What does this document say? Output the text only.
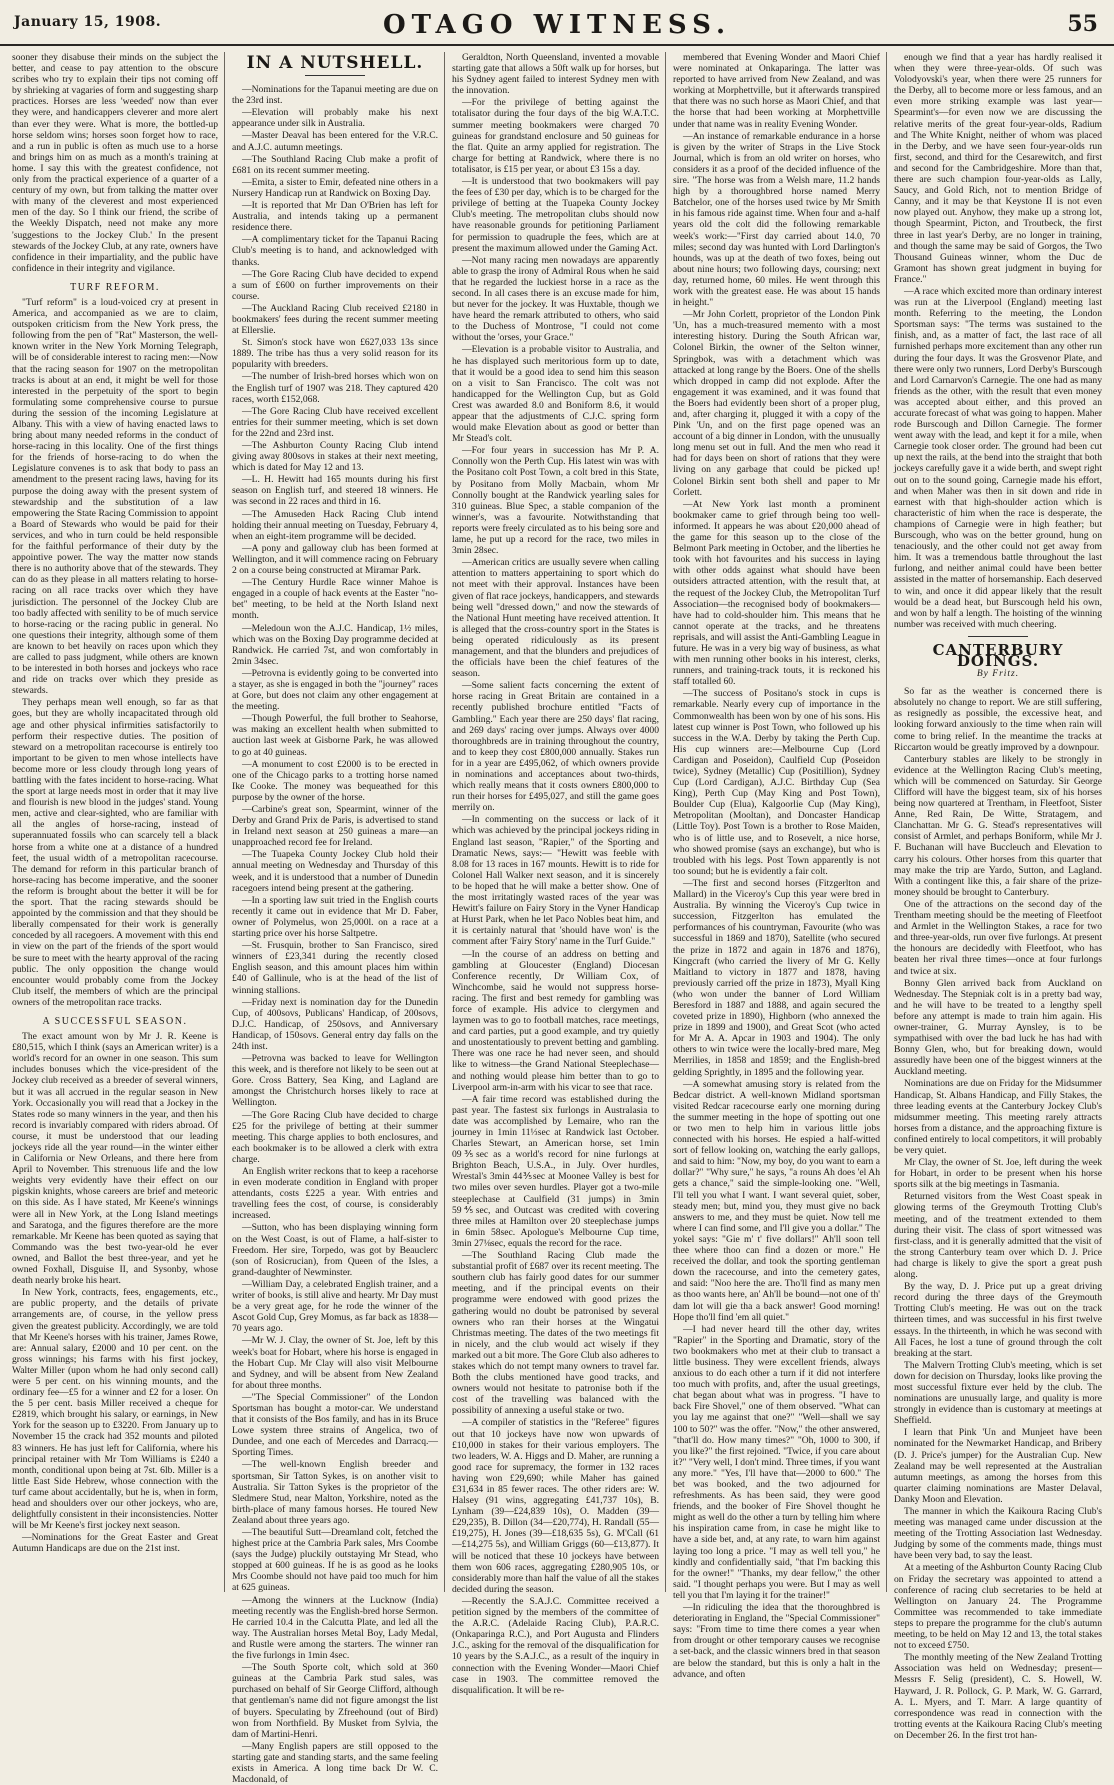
January 15, 1908.	OTAGO WITNESS.	55

sooner they disabuse their minds on the subject the better, and cease to pay attention to the obscure scribes who try to explain their tips not coming off by shrieking at vagaries of form and suggesting sharp practices. Horses are less 'weeded' now than ever they were, and handicappers cleverer and more alert than ever they were. What is more, the bottled-up horse seldom wins; horses soon forget how to race, and a run in public is often as much use to a horse and brings him on as much as a month's training at home. I say this with the greatest confidence, not only from the practical experience of a quarter of a century of my own, but from talking the matter over with many of the cleverest and most experienced men of the day. So I think our friend, the scribe of the Weekly Dispatch, need not make any more 'suggestions to the Jockey Club.' In the present stewards of the Jockey Club, at any rate, owners have confidence in their impartiality, and the public have confidence in their integrity and vigilance.

TURF REFORM.

"Turf reform" is a loud-voiced cry at present in America, and accompanied as we are to claim, outspoken criticism from the New York press, the following from the pen of "Rat" Masterson, the well-known writer in the New York Morning Telegraph, will be of considerable interest to racing men:—Now that the racing season for 1907 on the metropolitan tracks is about at an end, it might be well for those interested in the perpetuity of the sport to begin formulating some comprehensive course to pursue during the session of the incoming Legislature at Albany. This with a view of having enacted laws to bring about many needed reforms in the conduct of horse-racing in this locality. One of the first things for the friends of horse-racing to do when the Legislature convenes is to ask that body to pass an amendment to the present racing laws, having for its purpose the doing away with the present system of stewardship and the substitution of a law empowering the State Racing Commission to appoint a Board of Stewards who would be paid for their services, and who in turn could be held responsible for the faithful performance of their duty by the appointive power. The way the matter now stands there is no authority above that of the stewards. They can do as they please in all matters relating to horse-racing on all race tracks over which they have jurisdiction. The personnel of the Jockey Club are too badly affected with senility to be of much service to horse-racing or the racing public in general. No one questions their integrity, although some of them are known to bet heavily on races upon which they are called to pass judgment, while others are known to be interested in both horses and jockeys who race and ride on tracks over which they preside as stewards.

They perhaps mean well enough, so far as that goes, but they are wholly incapacitated through old age and other physical infirmities satisfactorily to perform their respective duties. The position of steward on a metropolitan racecourse is entirely too important to be given to men whose intellects have become more or less cloudy through long years of battling with the fates incident to horse-racing. What the sport at large needs most in order that it may live and flourish is new blood in the judges' stand. Young men, active and clear-sighted, who are familiar with all the angles of horse-racing, instead of superannuated fossils who can scarcely tell a black horse from a white one at a distance of a hundred feet, the usual width of a metropolitan racecourse. The demand for reform in this particular branch of horse-racing has become imperative, and the sooner the reform is brought about the better it will be for the sport. That the racing stewards should be appointed by the commission and that they should be liberally compensated for their work is generally conceded by all racegoers. A movement with this end in view on the part of the friends of the sport would be sure to meet with the hearty approval of the racing public. The only opposition the change would encounter would probably come from the Jockey Club itself, the members of which are the principal owners of the metropolitan race tracks.

A SUCCESSFUL SEASON.

The exact amount won by Mr J. R. Keene is £80,515, which I think (says an American writer) is a world's record for an owner in one season. This sum includes bonuses which the vice-president of the Jockey club received as a breeder of several winners, but it was all accrued in the regular season in New York. Occasionally you will read that a Jockey in the States rode so many winners in the year, and then his record is invariably compared with riders abroad. Of course, it must be understood that our leading jockeys ride all the year round—in the winter either in California or New Orleans, and there here from April to November. This strenuous life and the low weights very evidently have their effect on our pigskin knights, whose careers are brief and meteoric on this side. As I have stated, Mr Keene's winnings were all in New York, at the Long Island meetings and Saratoga, and the figures therefore are the more remarkable. Mr Keene has been quoted as saying that Commando was the best two-year-old he ever owned, and Ballot the best three-year, and yet he owned Foxhall, Disguise II, and Sysonby, whose death nearly broke his heart.

In New York, contracts, fees, engagements, etc., are public property, and the details of private arrangements are, of course, in the yellow press given the greatest publicity. Accordingly, we are told that Mr Keene's horses with his trainer, James Rowe, are: Annual salary, £2000 and 10 per cent. on the gross winnings; his farms with his first jockey, Walter Miller (upon whom he had only second call) were 5 per cent. on his winning mounts, and the ordinary fee—£5 for a winner and £2 for a loser. On the 5 per cent. basis Miller received a cheque for £2819, which brought his salary, or earnings, in New York for the season up to £3220. From January up to November 15 the crack had 352 mounts and piloted 83 winners. He has just left for California, where his principal retainer with Mr Tom Williams is £240 a month, conditional upon being at 7st. 6lb. Miller is a little East Side Hebrew, whose connection with the turf came about accidentally, but he is, when in form, head and shoulders over our other jockeys, who are, delightfully consistent in their inconsistencies. Notter will be Mr Keene's first jockey next season.

—Nominations for the Great Easter and Great Autumn Handicaps are due on the 21st inst.

IN A NUTSHELL.

—Nominations for the Tapanui meeting are due on the 23rd inst.

—Elevation will probably make his next appearance under silk in Australia.

—Master Deaval has been entered for the V.R.C. and A.J.C. autumn meetings.

—The Southland Racing Club make a profit of £681 on its recent summer meeting.

—Emita, a sister to Emir, defeated nine others in a Nursery Handicap run at Randwick on Boxing Day.

—It is reported that Mr Dan O'Brien has left for Australia, and intends taking up a permanent residence there.

—A complimentary ticket for the Tapanui Racing Club's meeting is to hand, and acknowledged with thanks.

—The Gore Racing Club have decided to expend a sum of £600 on further improvements on their course.

—The Auckland Racing Club received £2180 in bookmakers' fees during the recent summer meeting at Ellerslie.

St. Simon's stock have won £627,033 13s since 1889. The tribe has thus a very solid reason for its popularity with breeders.

—The number of Irish-bred horses which won on the English turf of 1907 was 218. They captured 420 races, worth £152,068.

—The Gore Racing Club have received excellent entries for their summer meeting, which is set down for the 22nd and 23rd inst.

—The Ashburton County Racing Club intend giving away 800sovs in stakes at their next meeting, which is dated for May 12 and 13.

—L. H. Hewitt had 165 mounts during his first season on English turf, and steered 18 winners. He was second in 22 races and third in 16.

—The Amuseden Hack Racing Club intend holding their annual meeting on Tuesday, February 4, when an eight-item programme will be decided.

—A pony and galloway club has been formed at Wellington, and it will commence racing on February 2 on a course being constructed at Miramar Park.

—The Century Hurdle Race winner Mahoe is engaged in a couple of hack events at the Easter "no-bet" meeting, to be held at the North Island next month.

—Meledoun won the A.J.C. Handicap, 1½ miles, which was on the Boxing Day programme decided at Randwick. He carried 7st, and won comfortably in 2min 34sec.

—Petrovna is evidently going to be converted into a stayer, as she is engaged in both the "journey" races at Gore, but does not claim any other engagement at the meeting.

—Though Powerful, the full brother to Seahorse, was making an excellent health when submitted to auction last week at Gisborne Park, he was allowed to go at 40 guineas.

—A monument to cost £2000 is to be erected in one of the Chicago parks to a trotting horse named Ike Cooke. The money was bequeathed for this purpose by the owner of the horse.

—Carbine's great son, Spearmint, winner of the Derby and Grand Prix de Paris, is advertised to stand in Ireland next season at 250 guineas a mare—an unapproached record fee for Ireland.

—The Tuapeka County Jockey Club hold their annual meeting on Wednesday and Thursday of this week, and it is understood that a number of Dunedin racegoers intend being present at the gathering.

—In a sporting law suit tried in the English courts recently it came out in evidence that Mr D. Faber, owner of Polymelus, won 25,000l. on a race at a starting price over his horse Saltpetre.

—St. Frusquin, brother to San Francisco, sired winners of £23,341 during the recently closed English season, and this amount places him within £40 of Gallinule, who is at the head of the list of winning stallions.

—Friday next is nomination day for the Dunedin Cup, of 400sovs, Publicans' Handicap, of 200sovs, D.J.C. Handicap, of 250sovs, and Anniversary Handicap, of 150sovs. General entry day falls on the 24th inst.

—Petrovna was backed to leave for Wellington this week, and is therefore not likely to be seen out at Gore. Cross Battery, Sea King, and Lagland are amongst the Christchurch horses likely to race at Wellington.

—The Gore Racing Club have decided to charge £25 for the privilege of betting at their summer meeting. This charge applies to both enclosures, and each bookmaker is to be allowed a clerk with extra charge.

An English writer reckons that to keep a racehorse in even moderate condition in England with proper attendants, costs £225 a year. With entries and travelling fees the cost, of course, is considerably increased.

—Sutton, who has been displaying winning form on the West Coast, is out of Flame, a half-sister to Freedom. Her sire, Torpedo, was got by Beauclerc (son of Rosicrucian), from Queen of the Isles, a grand-daughter of Newminster.

—William Day, a celebrated English trainer, and a writer of books, is still alive and hearty. Mr Day must be a very great age, for he rode the winner of the Ascot Gold Cup, Grey Momus, as far back as 1838—70 years ago.

—Mr W. J. Clay, the owner of St. Joe, left by this week's boat for Hobart, where his horse is engaged in the Hobart Cup. Mr Clay will also visit Melbourne and Sydney, and will be absent from New Zealand for about three months.

—"The Special Commissioner" of the London Sportsman has bought a motor-car. We understand that it consists of the Bos family, and has in its Bruce Lowe system three strains of Angelica, two of Dundee, and one each of Mercedes and Darracq.—Sporting Times.

—The well-known English breeder and sportsman, Sir Tatton Sykes, is on another visit to Australia. Sir Tatton Sykes is the proprietor of the Sledmere Stud, near Malton, Yorkshire, noted as the birth-place of many famous horses. He toured New Zealand about three years ago.

—The beautiful Sutt—Dreamland colt, fetched the highest price at the Cambria Park sales, Mrs Coombe (says the Judge) pluckily outstaying Mr Stead, who stopped at 600 guineas. If he is as good as he looks Mrs Coombe should not have paid too much for him at 625 guineas.

—Among the winners at the Lucknow (India) meeting recently was the English-bred horse Sermon. He carried 10.4 in the Calcutta Plate, and led all the way. The Australian horses Metal Boy, Lady Medal, and Rustle were among the starters. The winner ran the five furlongs in 1min 4sec.

—The South Sporte colt, which sold at 360 guineas at the Cambria Park stud sales, was purchased on behalf of Sir George Clifford, although that gentleman's name did not figure amongst the list of buyers. Speculating by Zfreehound (out of Bird) won from Northfield. By Musket from Sylvia, the dam of Martini-Henri.

—Many English papers are still opposed to the starting gate and standing starts, and the same feeling exists in America. A long time back Dr W. C. Macdonald, of

Geraldton, North Queensland, invented a movable starting gate that allows a 50ft walk up for horses, but his Sydney agent failed to interest Sydney men with the innovation.

—For the privilege of betting against the totalisator during the four days of the big W.A.T.C. summer meeting bookmakers were charged 70 guineas for grandstand enclosure and 50 guineas for the flat. Quite an army applied for registration. The charge for betting at Randwick, where there is no totalisator, is £15 per year, or about £3 15s a day.

—It is understood that two bookmakers will pay the fees of £30 per day, which is to be charged for the privilege of betting at the Tuapeka County Jockey Club's meeting. The metropolitan clubs should now have reasonable grounds for petitioning Parliament for permission to quadruple the fees, which are at present the maximum allowed under the Gaming Act.

—Not many racing men nowadays are apparently able to grasp the irony of Admiral Rous when he said that he regarded the luckiest horse in a race as the second. In all cases there is an excuse made for him, but never for the jockey. It was Huxtable, though we have heard the remark attributed to others, who said to the Duchess of Montrose, "I could not come without the 'orses, your Grace."

—Elevation is a probable visitor to Australia, and he has displayed such meritorious form up to date, that it would be a good idea to send him this season on a visit to San Francisco. The colt was not handicapped for the Wellington Cup, but as Gold Crest was awarded 8.0 and Boniform 8.6, it would appear that the adjustments of C.J.C. spring form would make Elevation about as good or better than Mr Stead's colt.

—For four years in succession has Mr P. A. Connolly won the Perth Cup. His latest win was with the Positano colt Post Town, a colt bred in this State, by Positano from Molly Macbain, whom Mr Connolly bought at the Randwick yearling sales for 310 guineas. Blue Spec, a stable companion of the winner's, was a favourite. Notwithstanding that reports were freely circulated as to his being sore and lame, he put up a record for the race, two miles in 3min 28sec.

—American critics are usually severe when calling attention to matters appertaining to sport which do not meet with their approval. Instances have been given of flat race jockeys, handicappers, and stewards being well "dressed down," and now the stewards of the National Hunt meeting have received attention. It is alleged that the cross-country sport in the States is being operated ridiculously as its present management, and that the blunders and prejudices of the officials have been the chief features of the season.

—Some salient facts concerning the extent of horse racing in Great Britain are contained in a recently published brochure entitled "Facts of Gambling." Each year there are 250 days' flat racing, and 269 days' racing over jumps. Always over 4000 thoroughbreds are in training throughout the country, and to keep they cost £800,000 annually. Stakes run for in a year are £495,062, of which owners provide in nominations and acceptances about two-thirds, which really means that it costs owners £800,000 to run their horses for £495,027, and still the game goes merrily on.

—In commenting on the success or lack of it which was achieved by the principal jockeys riding in England last season, "Rapier," of the Sporting and Dramatic News, says:— "Hewitt was feeble with 8.08 for 13 races in 167 mounts. Hewitt is to ride for Colonel Hall Walker next season, and it is sincerely to be hoped that he will make a better show. One of the most irritatingly wasted races of the year was Hewitt's failure on Fairy Story in the Vyner Handicap at Hurst Park, when he let Paco Nobles beat him, and it is certainly natural that 'should have won' is the comment after 'Fairy Story' name in the Turf Guide."

—In the course of an address on betting and gambling at Gloucester (England) Diocesan Conference recently, Dr William Cox, of Winchcombe, said he would not suppress horse-racing. The first and best remedy for gambling was force of example. His advice to clergymen and laymen was to go to football matches, race meetings, and card parties, put a good example, and try quietly and unostentatiously to prevent betting and gambling. There was one race he had never seen, and should like to witness—the Grand National Steeplechase—and nothing would please him better than to go to Liverpool arm-in-arm with his vicar to see that race.

—A fair time record was established during the past year. The fastest six furlongs in Australasia to date was accomplished by Lemaire, who ran the journey in 1min 11⅓sec at Randwick last October. Charles Stewart, an American horse, set 1min 09⅗sec as a world's record for nine furlongs at Brighton Beach, U.S.A., in July. Over hurdles, Wrestal's 3min 44⅗sec at Moonee Valley is best for two miles over seven hurdles. Player got a two-mile steeplechase at Caulfield (31 jumps) in 3min 59⅘sec, and Outcast was credited with covering three miles at Hamilton over 20 steeplechase jumps in 6min 58sec. Apologue's Melbourne Cup time, 3min 27⅛sec, equals the record for the race.

—The Southland Racing Club made the substantial profit of £687 over its recent meeting. The southern club has fairly good dates for our summer meeting, and if the principal events on their programme were endowed with good prizes the gathering would no doubt be patronised by several owners who ran their horses at the Wingatui Christmas meeting. The dates of the two meetings fit in nicely, and the club would act wisely if they marked out a bit more. The Gore Club also adheres to stakes which do not tempt many owners to travel far. Both the clubs mentioned have good tracks, and owners would not hesitate to patronise both if the cost of the travelling was balanced with the possibility of annexing a useful stake or two.

—A compiler of statistics in the "Referee" figures out that 10 jockeys have now won upwards of £10,000 in stakes for their various employers. The two leaders, W. A. Higgs and D. Maher, are running a good race for supremacy, the former in 132 races having won £29,690; while Maher has gained £31,634 in 85 fewer races. The other riders are: W. Halsey (91 wins, aggregating £41,737 10s), B. Lynham (39—£24,839 10s), O. Madden (39—£29,235), B. Dillon (34—£20,774), H. Randall (55—£19,275), H. Jones (39—£18,635 5s), G. M'Call (61—£14,275 5s), and William Griggs (60—£13,877). It will be noticed that these 10 jockeys have between them won 606 races, aggregating £280,905 10s, or considerably more than half the value of all the stakes decided during the season.

—Recently the S.A.J.C. Committee received a petition signed by the members of the committee of the A.R.C. (Adelaide Racing Club), P.A.R.C. (Onkaparinga R.C.), and Port Augusta and Flinders J.C., asking for the removal of the disqualification for 10 years by the S.A.J.C., as a result of the inquiry in connection with the Evening Wonder—Maori Chief case in 1903. The committee removed the disqualification. It will be re-

membered that Evening Wonder and Maori Chief were nominated at Onkaparinga. The latter was reported to have arrived from New Zealand, and was working at Morphettville, but it afterwards transpired that there was no such horse as Maori Chief, and that the horse that had been working at Morphettville under that name was in reality Evening Wonder.

—An instance of remarkable endurance in a horse is given by the writer of Straps in the Live Stock Journal, which is from an old writer on horses, who considers it as a proof of the decided influence of the sire. "The horse was from a Welsh mare, 11.2 hands high by a thoroughbred horse named Merry Batchelor, one of the horses used twice by Mr Smith in his famous ride against time. When four and a-half years old the colt did the following remarkable week's work:—"First day carried about 14.0, 70 miles; second day was hunted with Lord Darlington's hounds, was up at the death of two foxes, being out about nine hours; two following days, coursing; next day, returned home, 60 miles. He went through this work with the greatest ease. He was about 15 hands in height."

—Mr John Corlett, proprietor of the London Pink 'Un, has a much-treasured memento with a most interesting history. During the South African war, Colonel Birkin, the owner of the Selton winner, Springbok, was with a detachment which was attacked at long range by the Boers. One of the shells which dropped in camp did not explode. After the engagement it was examined, and it was found that the Boers had evidently been short of a proper plug, and, after charging it, plugged it with a copy of the Pink 'Un, and on the first page opened was an account of a big dinner in London, with the unusually long menu set out in full. And the men who read it had for days been on short of rations that they were living on any garbage that could be picked up! Colonel Birkin sent both shell and paper to Mr Corlett.

—At New York last month a prominent bookmaker came to grief through being too well-informed. It appears he was about £20,000 ahead of the game for this season up to the close of the Belmont Park meeting in October, and the liberties he took with hot favourites and his success in laying with other odds against what should have been outsiders attracted attention, with the result that, at the request of the Jockey Club, the Metropolitan Turf Association—the recognised body of bookmakers—have had to cold-shoulder him. This means that he cannot operate at the tracks, and he threatens reprisals, and will assist the Anti-Gambling League in future. He was in a very big way of business, as what with men running other books in his interest, clerks, runners, and training-track touts, it is reckoned his staff totalled 60.

—The success of Positano's stock in cups is remarkable. Nearly every cup of importance in the Commonwealth has been won by one of his sons. His latest cup winner is Post Town, who followed up his success in the W.A. Derby by taking the Perth Cup. His cup winners are:—Melbourne Cup (Lord Cardigan and Poseidon), Caulfield Cup (Poseidon twice), Sydney (Metallic) Cup (Positillion), Sydney Cup (Lord Cardigan), A.J.C. Birthday Cup (Sea King), Perth Cup (May King and Post Town), Boulder Cup (Elua), Kalgoorlie Cup (May King), Metropolitan (Mooltan), and Doncaster Handicap (Little Toy). Post Town is a brother to Rose Maiden, who is of little use, and to Rosevelt, a nice horse, who showed promise (says an exchange), but who is troubled with his legs. Post Town apparently is not too sound; but he is evidently a fair colt.

—The first and second horses (Fitzgerlton and Mallard) in the Viceroy's Cup this year were bred in Australia. By winning the Viceroy's Cup twice in succession, Fitzgerlton has emulated the performances of his countryman, Favourite (who was successful in 1869 and 1870), Satellite (who secured the prize in 1872 and again in 1876 and 1876), Kingcraft (who carried the livery of Mr G. Kelly Maitland to victory in 1877 and 1878, having previously carried off the prize in 1873), Myall King (who won under the banner of Lord William Beresford in 1887 and 1888, and again secured the coveted prize in 1890), Highborn (who annexed the prize in 1899 and 1900), and Great Scot (who acted for Mr A. A. Apcar in 1903 and 1904). The only others to win twice were the locally-bred mare, Meg Merrilies, in 1858 and 1859; and the English-bred gelding Sprightly, in 1895 and the following year.

—A somewhat amusing story is related from the Bedcar district. A well-known Midland sportsman visited Redcar racecourse early one morning during the summer meeting in the hope of spotting out one or two men to help him in various little jobs connected with his horses. He espied a half-witted sort of fellow looking on, watching the early gallops, and said to him: "Now, my boy, do you want to earn a dollar?" "Why sure," he says, "a rouns Ah does 'el Ah gets a chance," said the simple-looking one. "Well, I'll tell you what I want. I want several quiet, sober, steady men; but, mind you, they must give no back answers to me, and they must be quiet. Now tell me where I can find some, and I'll give you a dollar." The yokel says: "Gie m' t' five dollars!" Ah'll soon tell thee where thoo can find a dozen or more." He received the dollar, and took the sporting gentleman down the racecourse, and into the cemetery gates, and said: "Noo here the are. Tho'll find as many men as thoo wants here, an' Ah'll be bound—not one of th' dam lot will gie tha a back answer! Good morning! Hope tho'll find 'em all quiet."

—I had never heard till the other day, writes "Rapier" in the Sporting and Dramatic, story of the two bookmakers who met at their club to transact a little business. They were excellent friends, always anxious to do each other a turn if it did not interfere too much with profits, and, after the usual greetings, chat began about what was in progress. "I have to back Fire Shovel," one of them observed. "What can you lay me against that one?" "Well—shall we say 100 to 50?" was the offer. "Now," the other answered, "that'll do. How many times?" "Oh, 1000 to 300, if you like?" the first rejoined. "Twice, if you care about it?" "Very well, I don't mind. Three times, if you want any more." "Yes, I'll have that—2000 to 600." The bet was booked, and the two adjourned for refreshments. As has been said, they were good friends, and the booker of Fire Shovel thought he might as well do the other a turn by telling him where his inspiration came from, in case he might like to have a side bet, and, at any rate, to warn him against laying too long a price. "I may as well tell you," he kindly and confidentially said, "that I'm backing this for the owner!" "Thanks, my dear fellow," the other said. "I thought perhaps you were. But I may as well tell you that I'm laying it for the trainer!"

—In ridiculing the idea that the thoroughbred is deteriorating in England, the "Special Commissioner" says: "From time to time there comes a year when from drought or other temporary causes we recognise a set-back, and the classic winners bred in that season are below the standard, but this is only a halt in the advance, and often

enough we find that a year has hardly realised it when they were three-year-olds. Of such was Volodyovski's year, when there were 25 runners for the Derby, all to become more or less famous, and an even more striking example was last year—Spearmint's—for even now we are discussing the relative merits of the great four-year-olds, Radium and The White Knight, neither of whom was placed in the Derby, and we have seen four-year-olds run first, second, and third for the Cesarewitch, and first and second for the Cambridgeshire. More than that, there are such champion four-year-olds as Lally, Saucy, and Gold Rich, not to mention Bridge of Canny, and it may be that Keystone II is not even now played out. Anyhow, they make up a strong lot, though Spearmint, Picton, and Troutbeck, the first three in last year's Derby, are no longer in training, and though the same may be said of Gorgos, the Two Thousand Guineas winner, whom the Duc de Gramont has shown great judgment in buying for France."

—A race which excited more than ordinary interest was run at the Liverpool (England) meeting last month. Referring to the meeting, the London Sportsman says: "The terms was sustained to the finish, and, as a matter of fact, the last race of all furnished perhaps more excitement than any other run during the four days. It was the Grosvenor Plate, and there were only two runners, Lord Derby's Burscough and Lord Carnarvon's Carnegie. The one had as many friends as the other, with the result that even money was accepted about either, and this proved an accurate forecast of what was going to happen. Maher rode Burscough and Dillon Carnegie. The former went away with the lead, and kept it for a mile, when Carnegie took closer order. The ground had been cut up next the rails, at the bend into the straight that both jockeys carefully gave it a wide berth, and swept right out on to the sound going, Carnegie made his effort, and when Maher was then in sit down and ride in earnest with that high-shoulder action which is characteristic of him when the race is desperate, the champions of Carnegie were in high feather; but Burscough, who was on the better ground, hung on tenaciously, and the other could not get away from him. It was a tremendous battle throughout the last furlong, and neither animal could have been better assisted in the matter of horsemanship. Each deserved to win, and once it did appear likely that the result would be a dead heat, but Burscough held his own, and won by half a length. The hoisting of the winning number was received with much cheering.

CANTERBURY DOINGS.
By Fritz.

So far as the weather is concerned there is absolutely no change to report. We are still suffering, as resignedly as possible, the excessive heat, and looking forward anxiously to the time when rain will come to bring relief. In the meantime the tracks at Riccarton would be greatly improved by a downpour.

Canterbury stables are likely to be strongly in evidence at the Wellington Racing Club's meeting, which will be commenced on Saturday. Sir George Clifford will have the biggest team, six of his horses being now quartered at Trentham, in Fleetfoot, Sister Anne, Red Rain, De Witte, Stratagem, and Clanchattan. Mr G. G. Stead's representatives will consist of Armlet, and perhaps Boniform, while Mr J. F. Buchanan will have Buccleuch and Elevation to carry his colours. Other horses from this quarter that may make the trip are Yardo, Sutton, and Lagland. With a contingent like this, a fair share of the prize-money should be brought to Canterbury.

One of the attractions on the second day of the Trentham meeting should be the meeting of Fleetfoot and Armlet in the Wellington Stakes, a race for two and three-year-olds, run over five furlongs. At present the honours are decidedly with Fleetfoot, who has beaten her rival three times—once at four furlongs and twice at six.

Bonny Glen arrived back from Auckland on Wednesday. The Stepniak colt is in a pretty bad way, and he will have to be treated to a lengthy spell before any attempt is made to train him again. His owner-trainer, G. Murray Aynsley, is to be sympathised with over the bad luck he has had with Bonny Glen, who, but for breaking down, would assuredly have been one of the biggest winners at the Auckland meeting.

Nominations are due on Friday for the Midsummer Handicap, St. Albans Handicap, and Filly Stakes, the three leading events at the Canterbury Jockey Club's midsummer meeting. This meeting rarely attracts horses from a distance, and the approaching fixture is confined entirely to local competitors, it will probably be very quiet.

Mr Clay, the owner of St. Joe, left during the week for Hobart, in order to be present when his horse sports silk at the big meetings in Tasmania.

Returned visitors from the West Coast speak in glowing terms of the Greymouth Trotting Club's meeting, and of the treatment extended to them during their visit. The class of sport witnessed was first-class, and it is generally admitted that the visit of the strong Canterbury team over which D. J. Price had charge is likely to give the sport a great push along.

By the way, D. J. Price put up a great driving record during the three days of the Greymouth Trotting Club's meeting. He was out on the track thirteen times, and was successful in his first twelve essays. In the thirteenth, in which he was second with All Faces, he lost a tune of ground through the colt breaking at the start.

The Malvern Trotting Club's meeting, which is set down for decision on Thursday, looks like proving the most successful fixture ever held by the club. The nominations are unusually large, and quality is more strongly in evidence than is customary at meetings at Sheffield.

I learn that Pink 'Un and Munjeet have been nominated for the Newmarket Handicap, and Bribery (D. J. Price's jumper) for the Australian Cup. New Zealand may be well represented at the Australian autumn meetings, as among the horses from this quarter claiming nominations are Master Delaval, Danky Moon and Elevation.

The manner in which the Kaikoura Racing Club's meeting was managed came under discussion at the meeting of the Trotting Association last Wednesday. Judging by some of the comments made, things must have been very bad, to say the least.

At a meeting of the Ashburton County Racing Club on Friday the secretary was appointed to attend a conference of racing club secretaries to be held at Wellington on January 24. The Programme Committee was recommended to take immediate steps to prepare the programme for the club's autumn meeting, to be held on May 12 and 13, the total stakes not to exceed £750.

The monthly meeting of the New Zealand Trotting Association was held on Wednesday; present—Messrs F. Selig (president), C. S. Howell, W. Hayward, J. R. Pollock, G. P. Mark, W. G. Garrard, A. L. Myers, and T. Marr. A large quantity of correspondence was read in connection with the trotting events at the Kaikoura Racing Club's meeting on December 26. In the first trot han-
